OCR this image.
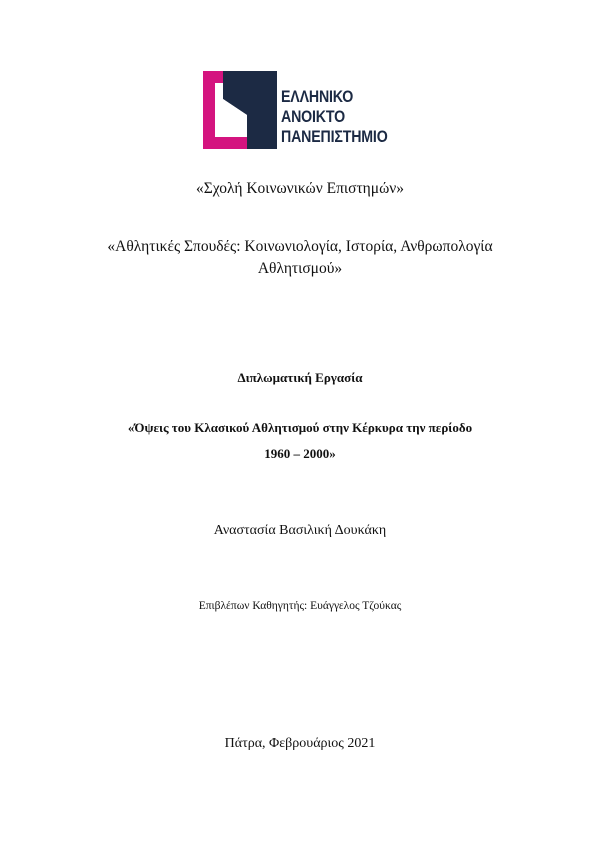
ΕΛΛΗΝΙΚΟ
ΑΝΟΙΚΤΟ
ΠΑΝΕΠΙΣΤΗΜΙΟ
«Σχολή Κοινωνικών Επιστημών»
«Αθλητικές Σπουδές: Κοινωνιολογία, Ιστορία, Ανθρωπολογία
Αθλητισμού»
Διπλωματική Εργασία
«Όψεις του Κλασικού Αθλητισμού στην Κέρκυρα την περίοδο
1960 – 2000»
Αναστασία Βασιλική Δουκάκη
Επιβλέπων Καθηγητής: Ευάγγελος Τζούκας
Πάτρα, Φεβρουάριος 2021
